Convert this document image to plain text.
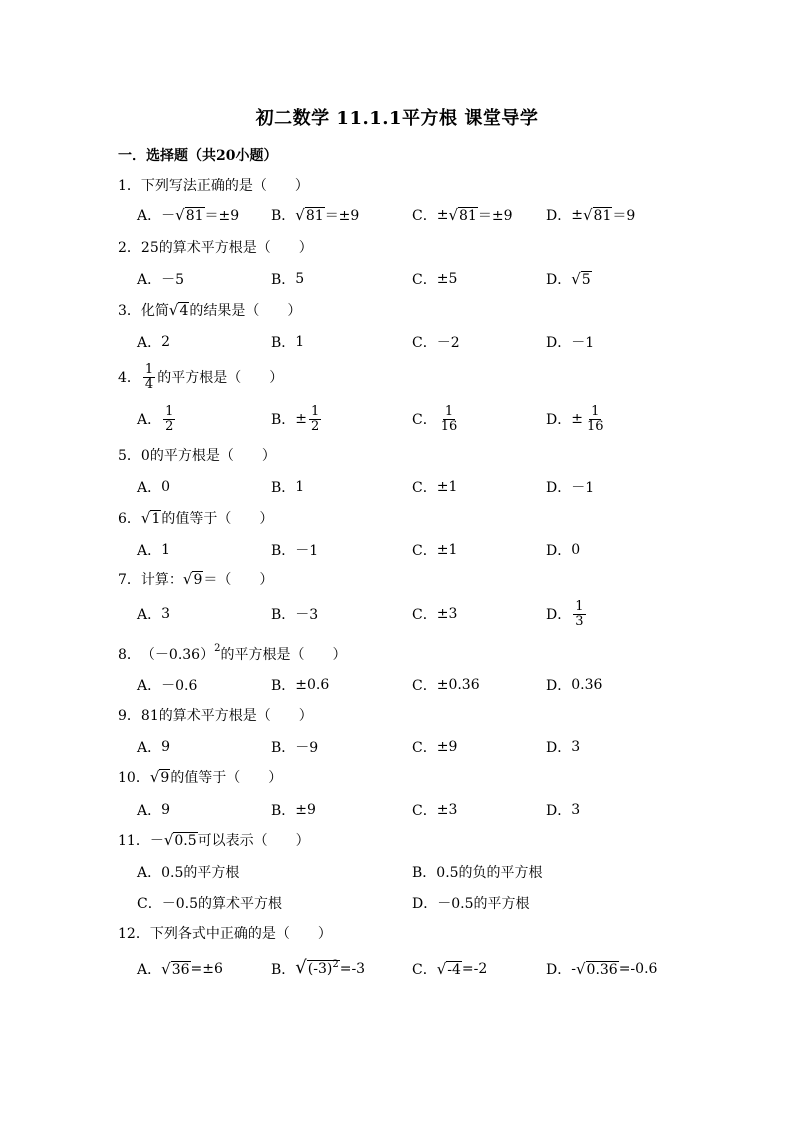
初二数学 11.1.1平方根 课堂导学
一．选择题（共20小题）
1． 下列写法正确的是（　　）
A． － √ 81 ＝±9 B． √ 81 ＝±9	C． ± √ 81 ＝±9 D． ± √ 81 ＝9
2． 25的算术平方根是（　　）
A． －5	B． 5	C． ±5	D． √ 5
3． 化简 √ 4 的结果是（　　）
A． 2	B． 1	C． －2	D． －1
4． $\frac{1}{4}$ 的平方根是（　　）
A． $\frac{1}{2}$	B． ± $\frac{1}{2}$	C． $\frac{1}{16}$	D． ± $\frac{1}{16}$
5． 0的平方根是（　　）
A． 0	B． 1	C． ±1	D． －1
6． √ 1 的值等于（　　）
A． 1	B． －1	C． ±1	D． 0
7． 计算： √ 9 ＝（　　）
A． 3	B． －3	C． ±3	D． $\frac{1}{3}$
8． （－0.36） 2 的平方根是（　　）
A． －0.6	B． ±0.6	C． ±0.36	D． 0.36
9． 81的算术平方根是（　　）
A． 9	B． －9	C． ±9	D． 3
10． √ 9 的值等于（　　）
A． 9	B． ±9	C． ±3	D． 3
11． － √ 0.5 可以表示（　　）
A． 0.5的平方根	B． 0.5的负的平方根
C． －0.5的算术平方根	D． －0.5的平方根
12． 下列各式中正确的是（　　）
A． √ 36 =±6	B． √ $(-3)^2 =-3$	C． √ -4 =-2	D． - √ 0.36 =-0.6
